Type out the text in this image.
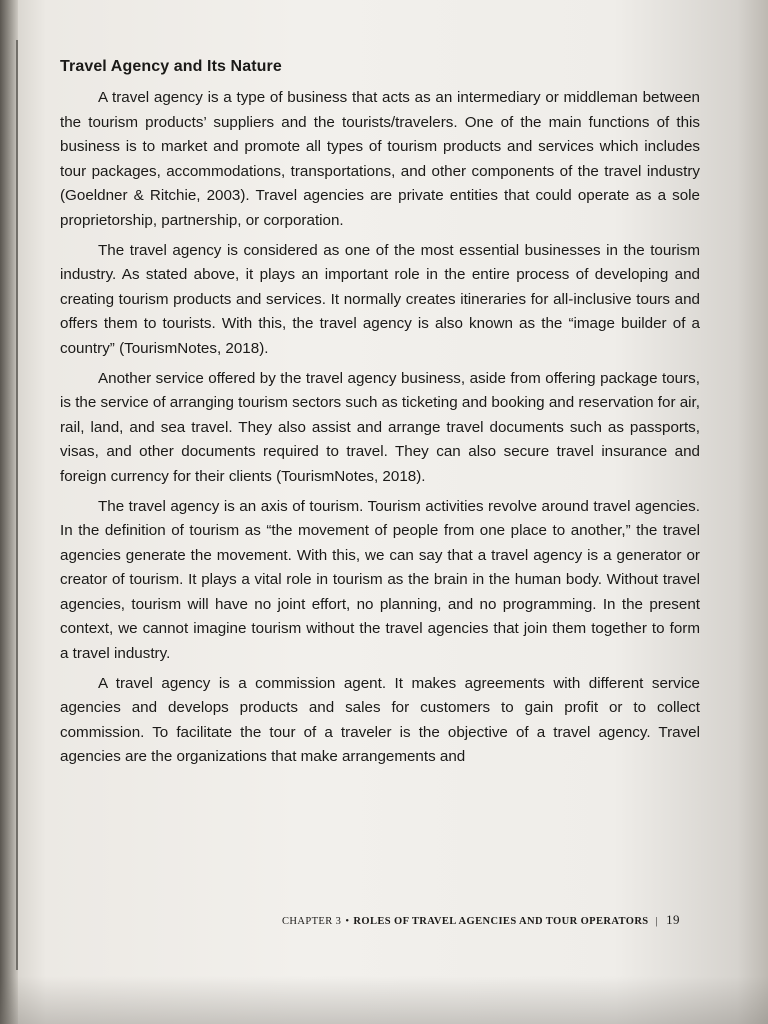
Travel Agency and Its Nature

A travel agency is a type of business that acts as an intermediary or middleman between the tourism products’ suppliers and the tourists/travelers. One of the main functions of this business is to market and promote all types of tourism products and services which includes tour packages, accommodations, transportations, and other components of the travel industry (Goeldner & Ritchie, 2003). Travel agencies are private entities that could operate as a sole proprietorship, partnership, or corporation.

The travel agency is considered as one of the most essential businesses in the tourism industry. As stated above, it plays an important role in the entire process of developing and creating tourism products and services. It normally creates itineraries for all-inclusive tours and offers them to tourists. With this, the travel agency is also known as the “image builder of a country” (TourismNotes, 2018).

Another service offered by the travel agency business, aside from offering package tours, is the service of arranging tourism sectors such as ticketing and booking and reservation for air, rail, land, and sea travel. They also assist and arrange travel documents such as passports, visas, and other documents required to travel. They can also secure travel insurance and foreign currency for their clients (TourismNotes, 2018).

The travel agency is an axis of tourism. Tourism activities revolve around travel agencies. In the definition of tourism as “the movement of people from one place to another,” the travel agencies generate the movement. With this, we can say that a travel agency is a generator or creator of tourism. It plays a vital role in tourism as the brain in the human body. Without travel agencies, tourism will have no joint effort, no planning, and no programming. In the present context, we cannot imagine tourism without the travel agencies that join them together to form a travel industry.

A travel agency is a commission agent. It makes agreements with different service agencies and develops products and sales for customers to gain profit or to collect commission. To facilitate the tour of a traveler is the objective of a travel agency. Travel agencies are the organizations that make arrangements and

CHAPTER 3 • ROLES OF TRAVEL AGENCIES AND TOUR OPERATORS | 19
